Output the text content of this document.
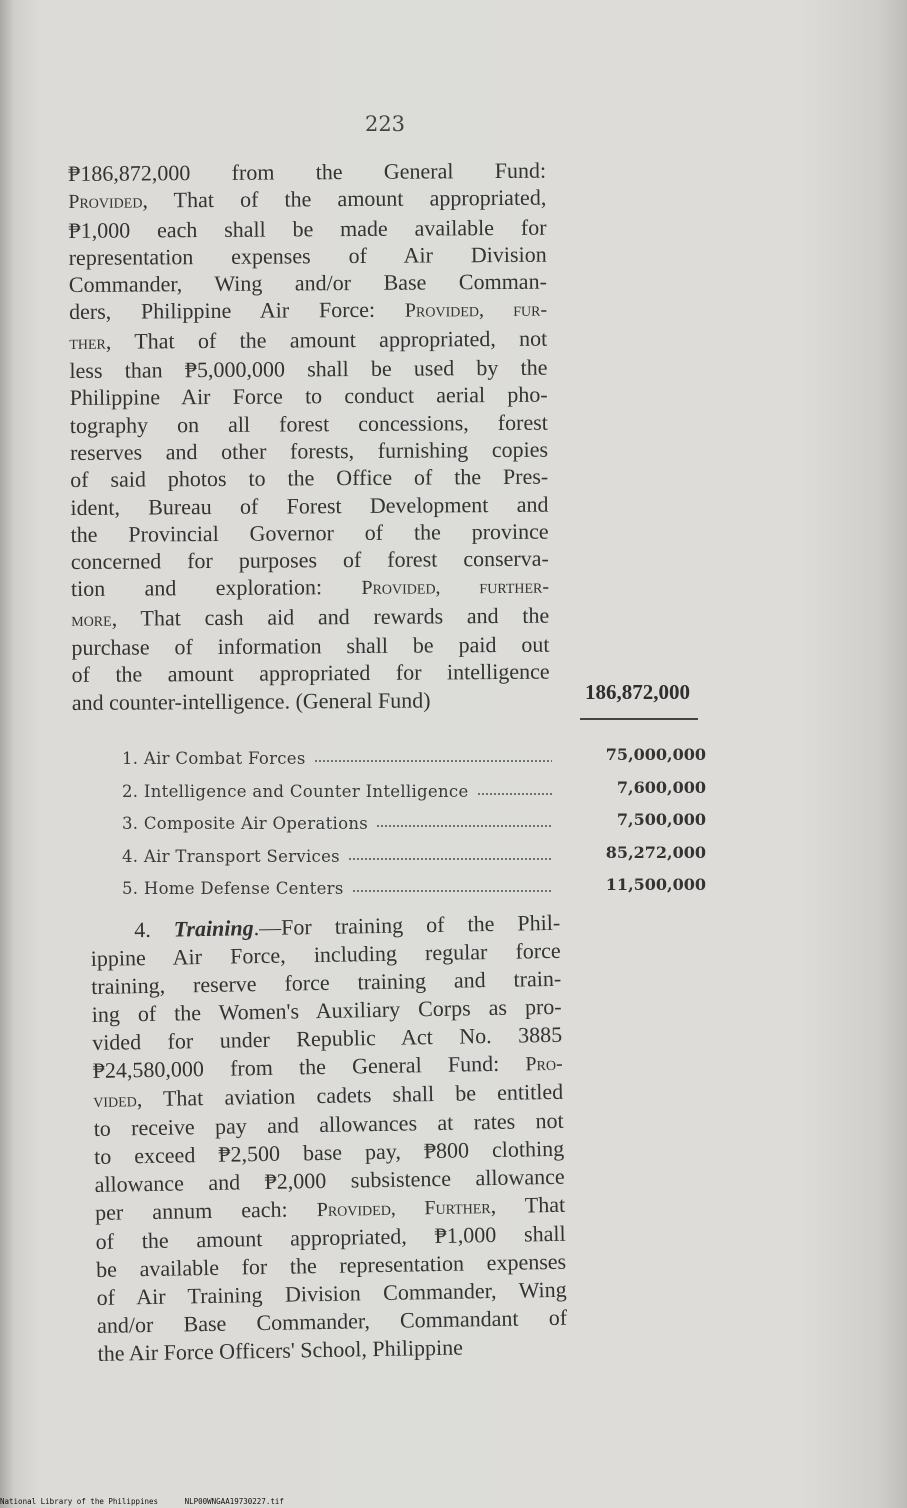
223
₱186,872,000 from the General Fund:
Provided, That of the amount appropriated,
₱1,000 each shall be made available for
representation expenses of Air Division
Commander, Wing and/or Base Comman-
ders, Philippine Air Force: Provided, fur-
ther, That of the amount appropriated, not
less than ₱5,000,000 shall be used by the
Philippine Air Force to conduct aerial pho-
tography on all forest concessions, forest
reserves and other forests, furnishing copies
of said photos to the Office of the Pres-
ident, Bureau of Forest Development and
the Provincial Governor of the province
concerned for purposes of forest conserva-
tion and exploration: Provided, further-
more, That cash aid and rewards and the
purchase of information shall be paid out
of the amount appropriated for intelligence
and counter-intelligence. (General Fund)	186,872,000
1. Air Combat Forces	75,000,000
2. Intelligence and Counter Intelligence	7,600,000
3. Composite Air Operations	7,500,000
4. Air Transport Services	85,272,000
5. Home Defense Centers	11,500,000
4. Training.—For training of the Phil-
ippine Air Force, including regular force
training, reserve force training and train-
ing of the Women's Auxiliary Corps as pro-
vided for under Republic Act No. 3885
₱24,580,000 from the General Fund: Pro-
vided, That aviation cadets shall be entitled
to receive pay and allowances at rates not
to exceed ₱2,500 base pay, ₱800 clothing
allowance and ₱2,000 subsistence allowance
per annum each: Provided, Further, That
of the amount appropriated, ₱1,000 shall
be available for the representation expenses
of Air Training Division Commander, Wing
and/or Base Commander, Commandant of
the Air Force Officers' School, Philippine
National Library of the Philippines	NLP00WNGAA19730227.tif
